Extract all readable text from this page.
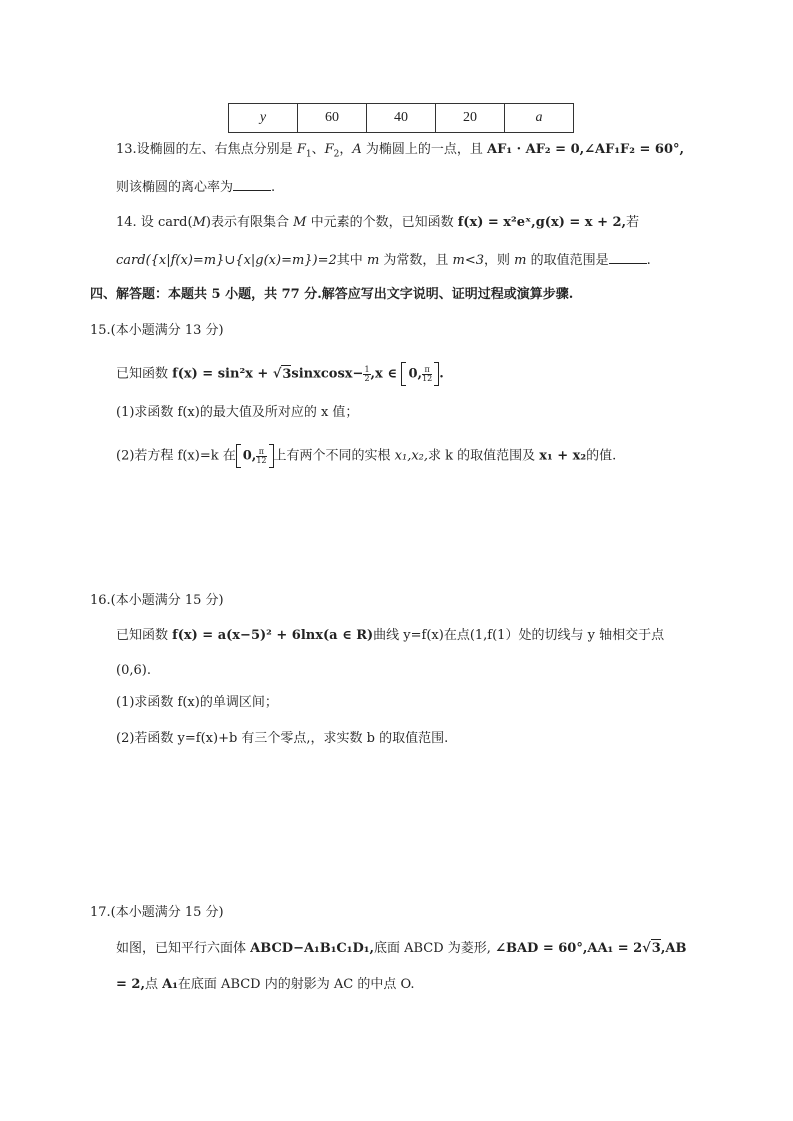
y	60	40	20	a
13.设椭圆的左、右焦点分别是 $F_1$、$F_2$，A 为椭圆上的一点，且 AF₁ · AF₂ = 0,∠AF₁F₂ = 60°,
则该椭圆的离心率为	.
14. 设 card(M)表示有限集合 M 中元素的个数，已知函数 f(x) = x²eˣ,g(x) = x + 2,若
card({x|f(x)=m}∪{x|g(x)=m})=2其中 m 为常数，且 m<3，则 m 的取值范围是	.
四、解答题：本题共 5 小题，共 77 分.解答应写出文字说明、证明过程或演算步骤.
15.(本小题满分 13 分)
已知函数 f(x) = sin²x + √3sinxcosx− $\frac{1}{2} ,x$ ∈ 0, $\frac{\pi}{12}$ .
(1)求函数 f(x)的最大值及所对应的 x 值；
(2)若方程 f(x)=k 在 0, $\frac{\pi}{12}$ 上有两个不同的实根 x₁,x₂,求 k 的取值范围及 x₁ + x₂的值.
16.(本小题满分 15 分)
已知函数 f(x) = a(x−5)² + 6lnx(a ∈ R)曲线 y=f(x)在点(1,f(1）处的切线与 y 轴相交于点
(0,6).
(1)求函数 f(x)的单调区间；
(2)若函数 y=f(x)+b 有三个零点,，求实数 b 的取值范围.
17.(本小题满分 15 分)
如图，已知平行六面体 ABCD−A₁B₁C₁D₁,底面 ABCD 为菱形, ∠BAD = 60°,AA₁ = 2√3,AB
= 2,点 A₁在底面 ABCD 内的射影为 AC 的中点 O.
